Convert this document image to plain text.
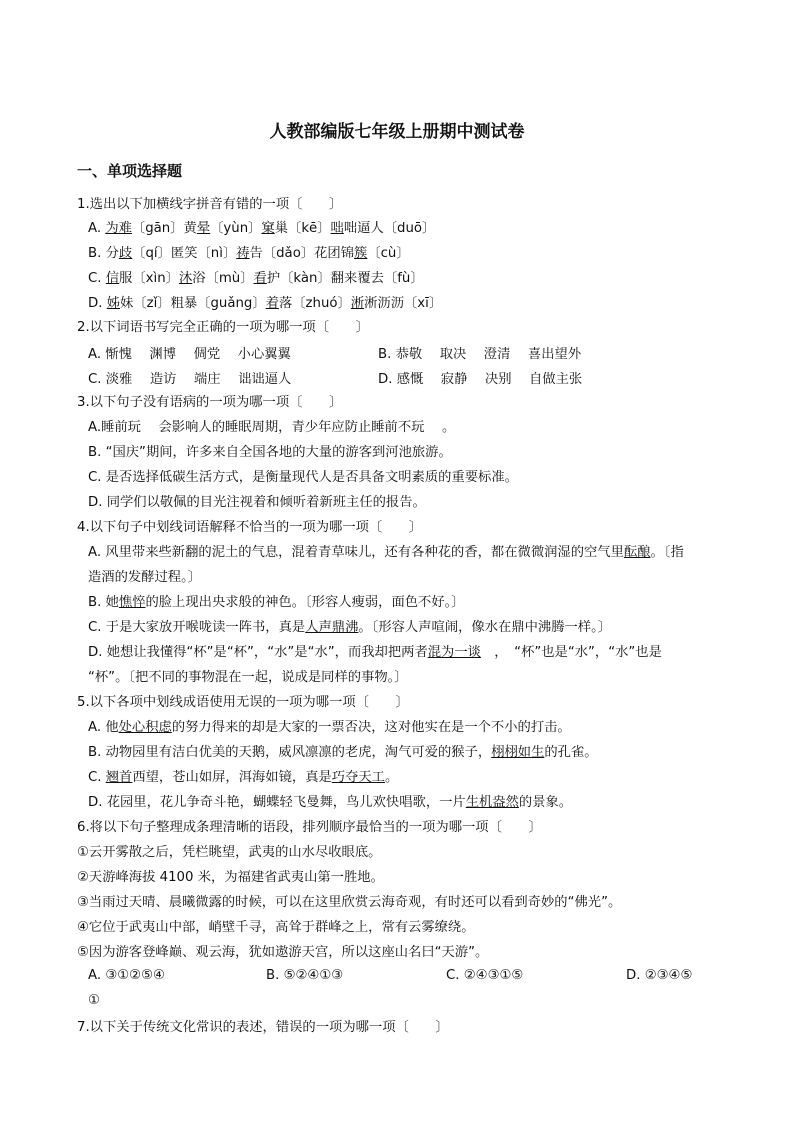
人教部编版七年级上册期中测试卷
一、单项选择题
1.选出以下加横线字拼音有错的一项〔　　〕
A. 为难〔gān〕黄晕〔yùn〕窠巢〔kē〕咄咄逼人〔duō〕
B. 分歧〔qí〕匿笑〔nì〕祷告〔dǎo〕花团锦簇〔cù〕
C. 信服〔xìn〕沐浴〔mù〕看护〔kàn〕翻来覆去〔fù〕
D. 姊妹〔zǐ〕粗暴〔guǎng〕着落〔zhuó〕淅淅沥沥〔xī〕
2.以下词语书写完全正确的一项为哪一项〔　　〕
A. 惭愧　 渊博　 倜党　 小心翼翼	B. 恭敬　 取决　 澄清　 喜出望外
C. 淡雅　 造访　 端庄　 诎诎逼人	D. 感慨　 寂静　 决别　 自做主张
3.以下句子没有语病的一项为哪一项〔　　〕
A.睡前玩　 会影响人的睡眠周期，青少年应防止睡前不玩　 。
B. “国庆”期间，许多来自全国各地的大量的游客到河池旅游。
C. 是否选择低碳生活方式，是衡量现代人是否具备文明素质的重要标准。
D. 同学们以敬佩的目光注视着和倾听着新班主任的报告。
4.以下句子中划线词语解释不恰当的一项为哪一项〔　　〕
A. 风里带来些新翻的泥土的气息，混着青草味儿，还有各种花的香，都在微微润湿的空气里酝酿。〔指
造酒的发酵过程。〕
B. 她憔悴的脸上现出央求般的神色。〔形容人瘦弱，面色不好。〕
C. 于是大家放开喉咙读一阵书，真是人声鼎沸。〔形容人声喧闹，像水在鼎中沸腾一样。〕
D. 她想让我懂得“杯”是“杯”，“水”是“水”，而我却把两者混为一谈　，　“杯”也是“水”，“水”也是
“杯”。〔把不同的事物混在一起，说成是同样的事物。〕
5.以下各项中划线成语使用无误的一项为哪一项〔　　〕
A. 他处心积虑的努力得来的却是大家的一票否决，这对他实在是一个不小的打击。
B. 动物园里有洁白优美的天鹅，威风凛凛的老虎，淘气可爱的猴子，栩栩如生的孔雀。
C. 翘首西望，苍山如屏，洱海如镜，真是巧夺天工。
D. 花园里，花儿争奇斗艳，蝴蝶轻飞曼舞，鸟儿欢快唱歌，一片生机盎然的景象。
6.将以下句子整理成条理清晰的语段，排列顺序最恰当的一项为哪一项〔　　〕
①云开雾散之后，凭栏眺望，武夷的山水尽收眼底。
②天游峰海拔 4100 米，为福建省武夷山第一胜地。
③当雨过天晴、晨曦微露的时候，可以在这里欣赏云海奇观，有时还可以看到奇妙的“佛光”。
④它位于武夷山中部，峭壁千寻，高耸于群峰之上，常有云雾缭绕。
⑤因为游客登峰巅、观云海，犹如遨游天宫，所以这座山名曰“天游”。
A. ③①②⑤④	B. ⑤②④①③	C. ②④③①⑤	D. ②③④⑤
①
7.以下关于传统文化常识的表述，错误的一项为哪一项〔　　〕
